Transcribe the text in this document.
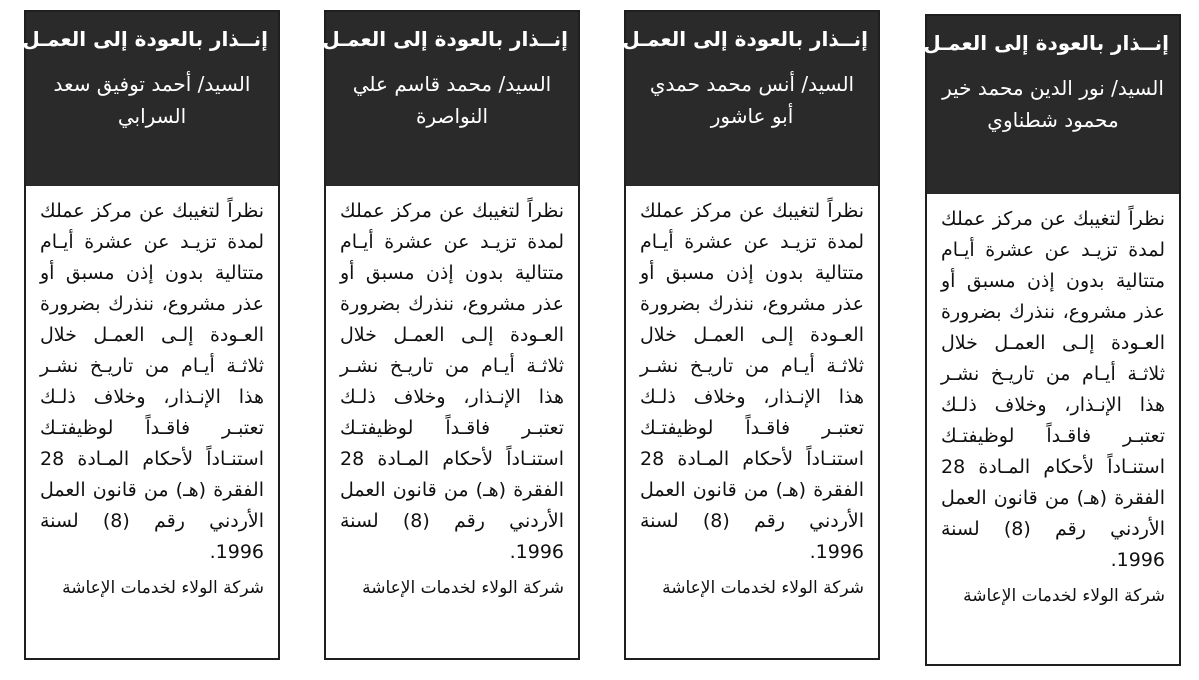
إنــذار بالعودة إلى العمـل
السيد/ أحمد توفيق سعد السرابي
نظراً لتغيبك عن مركز عملك لمدة تزيـد عن عشرة أيـام متتالية بدون إذن مسبق أو عذر مشروع، ننذرك بضرورة العـودة إلـى العمـل خلال ثلاثـة أيـام من تاريـخ نشـر هذا الإنـذار، وخلاف ذلـك تعتبـر فاقـداً لوظيفتـك استنـاداً لأحكام المـادة 28 الفقرة (هـ) من قانون العمل الأردني رقم (8) لسنة 1996.
شركة الولاء لخدمات الإعاشة
إنــذار بالعودة إلى العمـل
السيد/ محمد قاسم علي النواصرة
نظراً لتغيبك عن مركز عملك لمدة تزيـد عن عشرة أيـام متتالية بدون إذن مسبق أو عذر مشروع، ننذرك بضرورة العـودة إلـى العمـل خلال ثلاثـة أيـام من تاريـخ نشـر هذا الإنـذار، وخلاف ذلـك تعتبـر فاقـداً لوظيفتـك استنـاداً لأحكام المـادة 28 الفقرة (هـ) من قانون العمل الأردني رقم (8) لسنة 1996.
شركة الولاء لخدمات الإعاشة
إنــذار بالعودة إلى العمـل
السيد/ أنس محمد حمدي أبو عاشور
نظراً لتغيبك عن مركز عملك لمدة تزيـد عن عشرة أيـام متتالية بدون إذن مسبق أو عذر مشروع، ننذرك بضرورة العـودة إلـى العمـل خلال ثلاثـة أيـام من تاريـخ نشـر هذا الإنـذار، وخلاف ذلـك تعتبـر فاقـداً لوظيفتـك استنـاداً لأحكام المـادة 28 الفقرة (هـ) من قانون العمل الأردني رقم (8) لسنة 1996.
شركة الولاء لخدمات الإعاشة
إنــذار بالعودة إلى العمـل
السيد/ نور الدين محمد خير محمود شطناوي
نظراً لتغيبك عن مركز عملك لمدة تزيـد عن عشرة أيـام متتالية بدون إذن مسبق أو عذر مشروع، ننذرك بضرورة العـودة إلـى العمـل خلال ثلاثـة أيـام من تاريـخ نشـر هذا الإنـذار، وخلاف ذلـك تعتبـر فاقـداً لوظيفتـك استنـاداً لأحكام المـادة 28 الفقرة (هـ) من قانون العمل الأردني رقم (8) لسنة 1996.
شركة الولاء لخدمات الإعاشة
